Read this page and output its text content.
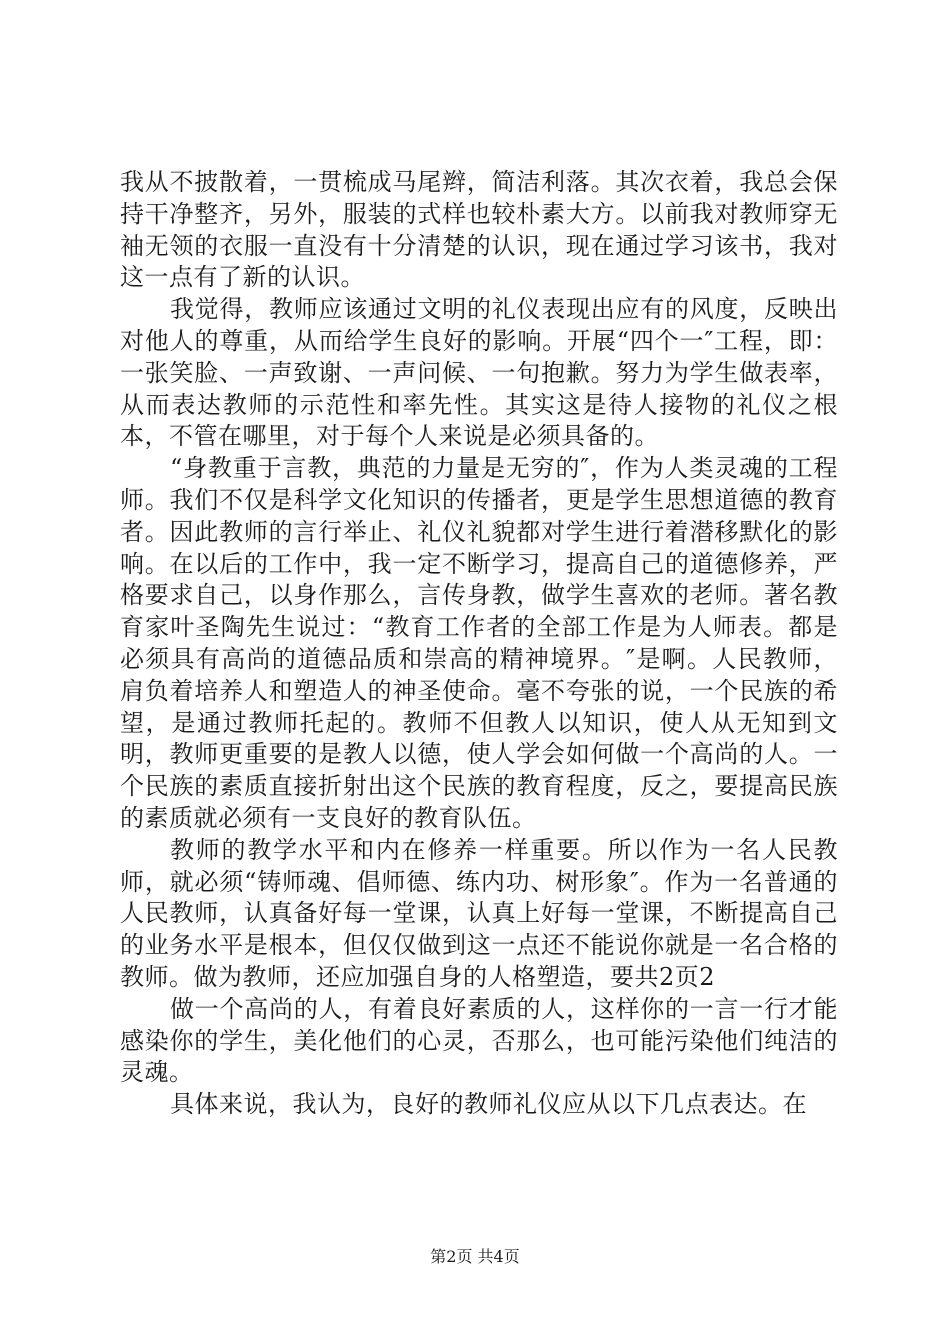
我从不披散着，一贯梳成马尾辫，简洁利落。其次衣着，我总会保持干净整齐，另外，服装的式样也较朴素大方。以前我对教师穿无袖无领的衣服一直没有十分清楚的认识，现在通过学习该书，我对这一点有了新的认识。

我觉得，教师应该通过文明的礼仪表现出应有的风度，反映出对他人的尊重，从而给学生良好的影响。开展“四个一″工程，即：一张笑脸、一声致谢、一声问候、一句抱歉。努力为学生做表率，从而表达教师的示范性和率先性。其实这是待人接物的礼仪之根本，不管在哪里，对于每个人来说是必须具备的。

“身教重于言教，典范的力量是无穷的″，作为人类灵魂的工程师。我们不仅是科学文化知识的传播者，更是学生思想道德的教育者。因此教师的言行举止、礼仪礼貌都对学生进行着潜移默化的影响。在以后的工作中，我一定不断学习，提高自己的道德修养，严格要求自己，以身作那么，言传身教，做学生喜欢的老师。著名教育家叶圣陶先生说过：“教育工作者的全部工作是为人师表。都是必须具有高尚的道德品质和崇高的精神境界。″是啊。人民教师，肩负着培养人和塑造人的神圣使命。毫不夸张的说，一个民族的希望，是通过教师托起的。教师不但教人以知识，使人从无知到文明，教师更重要的是教人以德，使人学会如何做一个高尚的人。一个民族的素质直接折射出这个民族的教育程度，反之，要提高民族的素质就必须有一支良好的教育队伍。

教师的教学水平和内在修养一样重要。所以作为一名人民教师，就必须“铸师魂、倡师德、练内功、树形象″。作为一名普通的人民教师，认真备好每一堂课，认真上好每一堂课，不断提高自己的业务水平是根本，但仅仅做到这一点还不能说你就是一名合格的教师。做为教师，还应加强自身的人格塑造，要共2页2

做一个高尚的人，有着良好素质的人，这样你的一言一行才能感染你的学生，美化他们的心灵，否那么，也可能污染他们纯洁的灵魂。

具体来说，我认为，良好的教师礼仪应从以下几点表达。在

第2页 共4页
